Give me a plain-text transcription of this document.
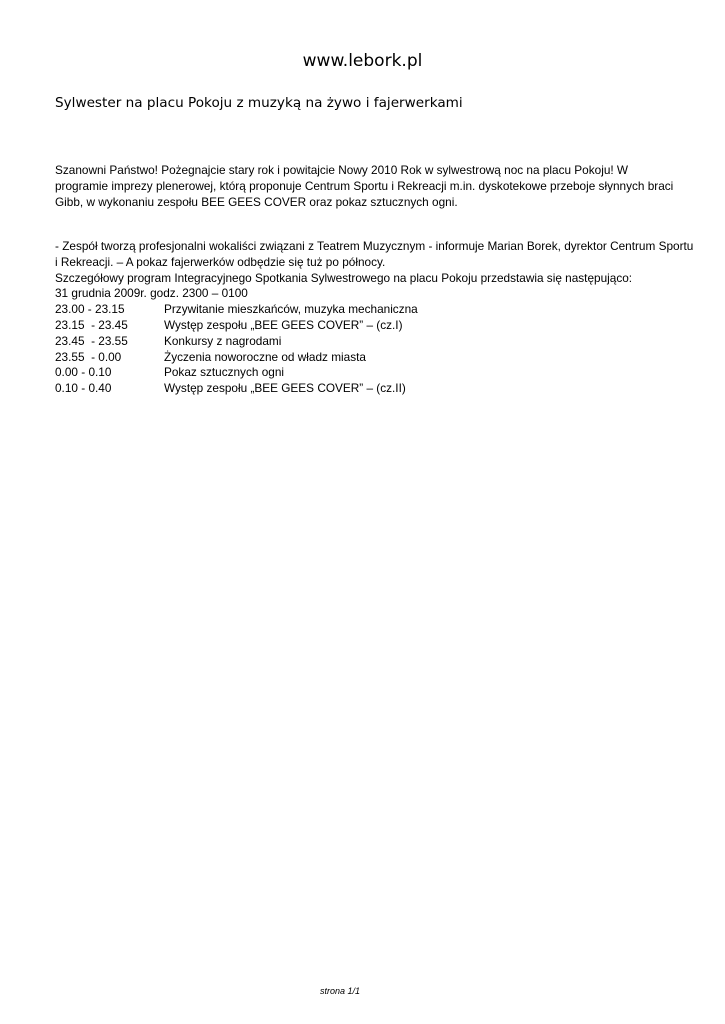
www.lebork.pl
Sylwester na placu Pokoju z muzyką na żywo i fajerwerkami

Szanowni Państwo! Pożegnajcie stary rok i powitajcie Nowy 2010 Rok w sylwestrową noc na placu Pokoju! W programie imprezy plenerowej, którą proponuje Centrum Sportu i Rekreacji m.in. dyskotekowe przeboje słynnych braci Gibb, w wykonaniu zespołu BEE GEES COVER oraz pokaz sztucznych ogni.

- Zespół tworzą profesjonalni wokaliści związani z Teatrem Muzycznym - informuje Marian Borek, dyrektor Centrum Sportu i Rekreacji. – A pokaz fajerwerków odbędzie się tuż po północy.

Szczegółowy program Integracyjnego Spotkania Sylwestrowego na placu Pokoju przedstawia się następująco:

31 grudnia 2009r. godz. 2300 – 0100

23.00 - 23.15	Przywitanie mieszkańców, muzyka mechaniczna
23.15  - 23.45	Występ zespołu „BEE GEES COVER” – (cz.I)
23.45  - 23.55	Konkursy z nagrodami
23.55  - 0.00	Życzenia noworoczne od władz miasta
0.00 - 0.10	Pokaz sztucznych ogni
0.10 - 0.40	Występ zespołu „BEE GEES COVER” – (cz.II)
strona 1/1
